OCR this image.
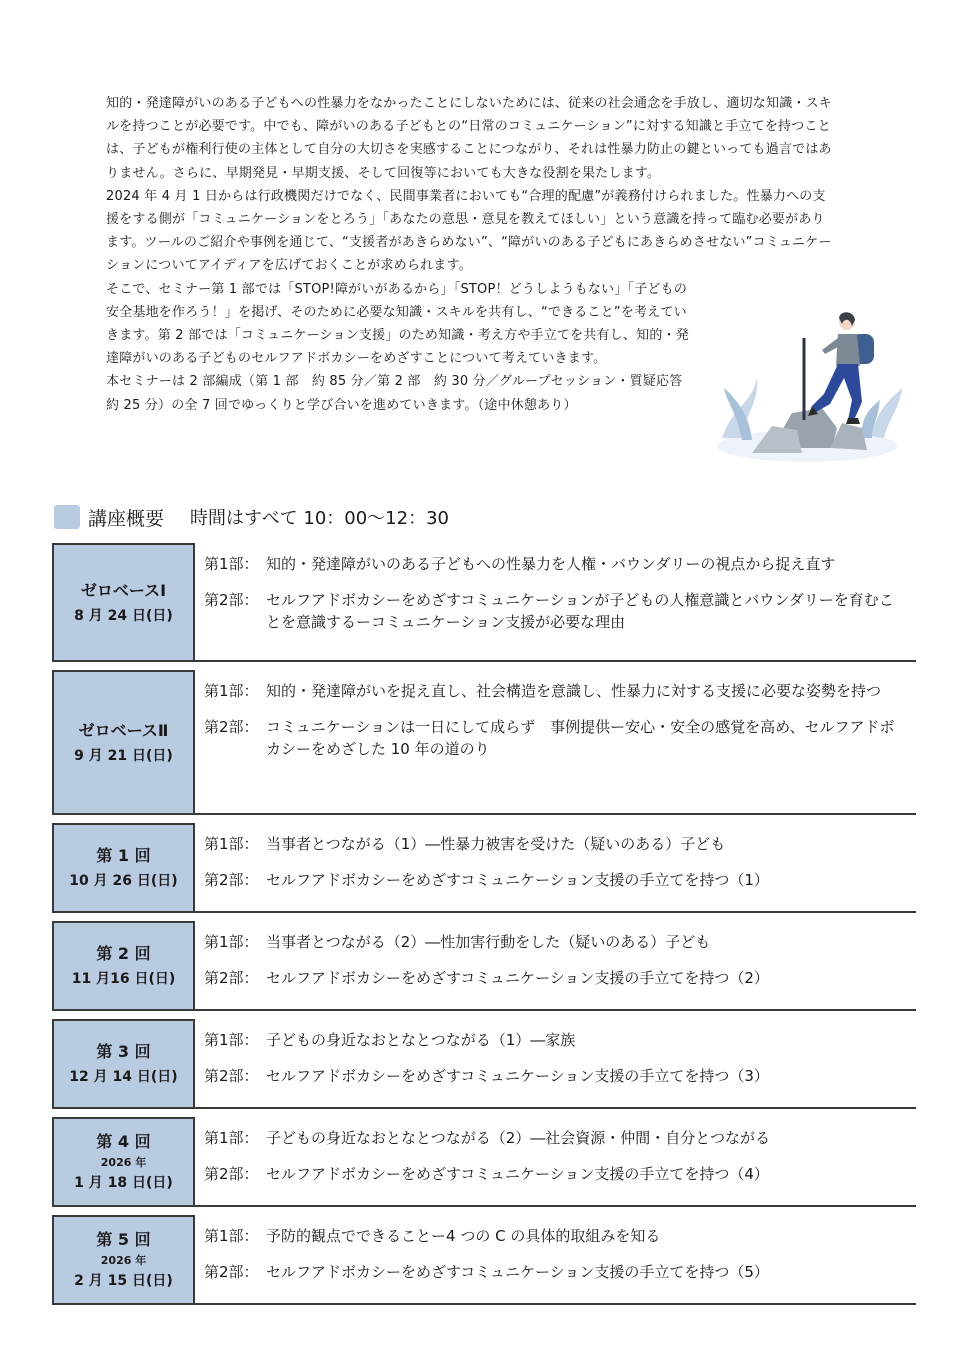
知的・発達障がいのある子どもへの性暴力をなかったことにしないためには、従来の社会通念を手放し、適切な知識・スキルを持つことが必要です。中でも、障がいのある子どもとの“日常のコミュニケーション”に対する知識と手立てを持つことは、子どもが権利行使の主体として自分の大切さを実感することにつながり、それは性暴力防止の鍵といっても過言ではありません。さらに、早期発見・早期支援、そして回復等においても大きな役割を果たします。

2024 年 4 月 1 日からは行政機関だけでなく、民間事業者においても“合理的配慮”が義務付けられました。性暴力への支援をする側が「コミュニケーションをとろう」「あなたの意思・意見を教えてほしい」という意識を持って臨む必要があります。ツールのご紹介や事例を通じて、“支援者があきらめない”、“障がいのある子どもにあきらめさせない”コミュニケーションについてアイディアを広げておくことが求められます。

そこで、セミナー第 1 部では「STOP!障がいがあるから」「STOP！どうしようもない」「子どもの安全基地を作ろう！」を掲げ、そのために必要な知識・スキルを共有し、“できること”を考えていきます。第 2 部では「コミュニケーション支援」のため知識・考え方や手立てを共有し、知的・発達障がいのある子どものセルフアドボカシーをめざすことについて考えていきます。

本セミナーは 2 部編成（第 1 部　約 85 分／第 2 部　約 30 分／グループセッション・質疑応答　約 25 分）の全 7 回でゆっくりと学び合いを進めていきます。（途中休憩あり）

講座概要 時間はすべて 10：00～12：30
ゼロベースⅠ
8 月 24 日(日)
第1部： 知的・発達障がいのある子どもへの性暴力を人権・バウンダリーの視点から捉え直す
第2部： セルフアドボカシーをめざすコミュニケーションが子どもの人権意識とバウンダリーを育むことを意識するーコミュニケーション支援が必要な理由
ゼロベースⅡ
9 月 21 日(日)
第1部： 知的・発達障がいを捉え直し、社会構造を意識し、性暴力に対する支援に必要な姿勢を持つ
第2部： コミュニケーションは一日にして成らず　事例提供ー安心・安全の感覚を高め、セルフアドボカシーをめざした 10 年の道のり
第 1 回
10 月 26 日(日)
第1部： 当事者とつながる（1）―性暴力被害を受けた（疑いのある）子ども
第2部： セルフアドボカシーをめざすコミュニケーション支援の手立てを持つ（1）
第 2 回
11 月16 日(日)
第1部： 当事者とつながる（2）―性加害行動をした（疑いのある）子ども
第2部： セルフアドボカシーをめざすコミュニケーション支援の手立てを持つ（2）
第 3 回
12 月 14 日(日)
第1部： 子どもの身近なおとなとつながる（1）―家族
第2部： セルフアドボカシーをめざすコミュニケーション支援の手立てを持つ（3）
第 4 回
2026 年
1 月 18 日(日)
第1部： 子どもの身近なおとなとつながる（2）―社会資源・仲間・自分とつながる
第2部： セルフアドボカシーをめざすコミュニケーション支援の手立てを持つ（4）
第 5 回
2026 年
2 月 15 日(日)
第1部： 予防的観点でできることー4 つの C の具体的取組みを知る
第2部： セルフアドボカシーをめざすコミュニケーション支援の手立てを持つ（5）
